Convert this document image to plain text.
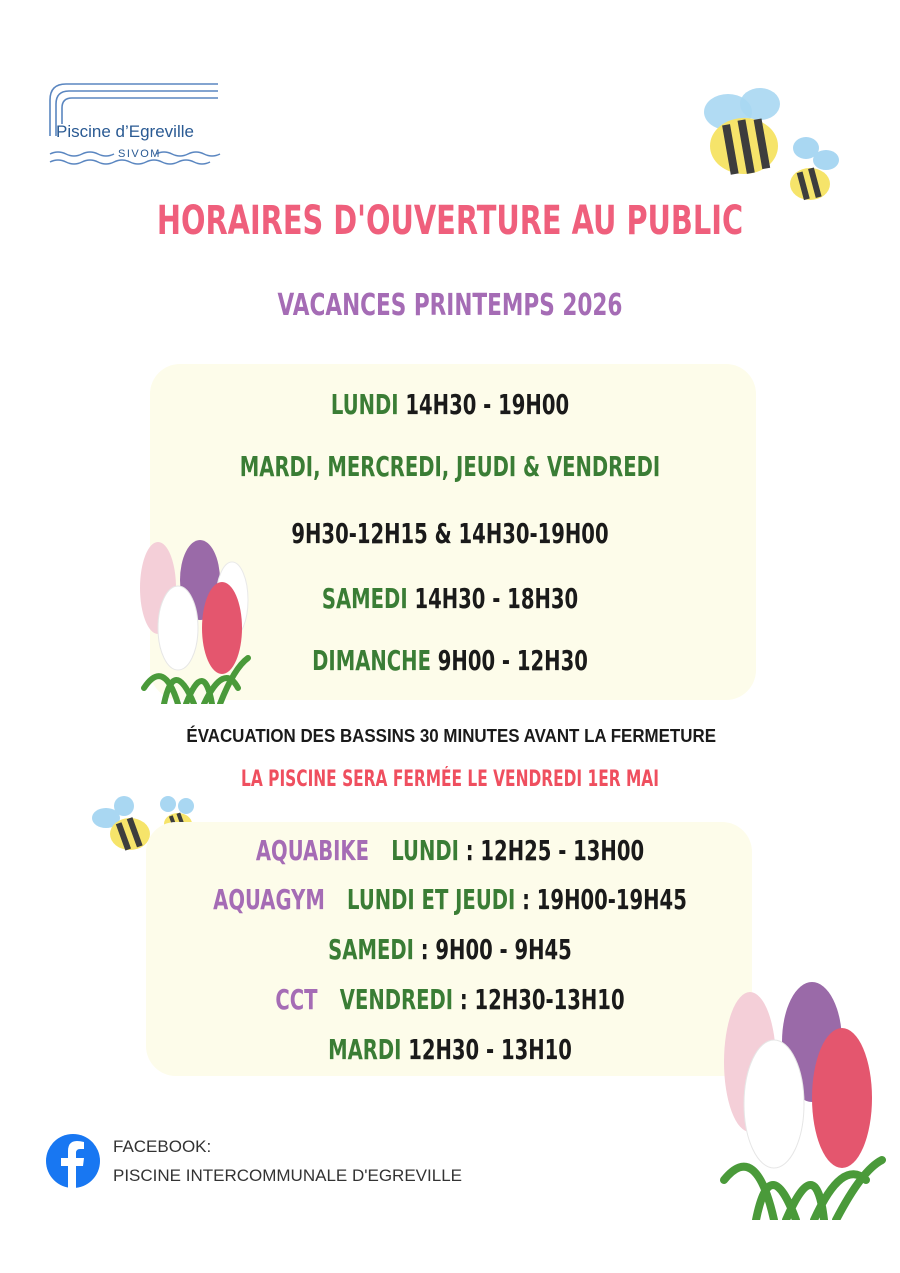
Piscine d’Egreville
SIVOM
HORAIRES D'OUVERTURE AU PUBLIC
VACANCES PRINTEMPS 2026
LUNDI 14H30 - 19H00
MARDI, MERCREDI, JEUDI & VENDREDI
9H30-12H15 & 14H30-19H00
SAMEDI 14H30 - 18H30
DIMANCHE 9H00 - 12H30
ÉVACUATION DES BASSINS 30 MINUTES AVANT LA FERMETURE
LA PISCINE SERA FERMÉE LE VENDREDI 1ER MAI
AQUABIKE LUNDI : 12H25 - 13H00
AQUAGYM LUNDI ET JEUDI : 19H00-19H45
SAMEDI : 9H00 - 9H45
CCT VENDREDI : 12H30-13H10
MARDI 12H30 - 13H10
FACEBOOK:
PISCINE INTERCOMMUNALE D'EGREVILLE
